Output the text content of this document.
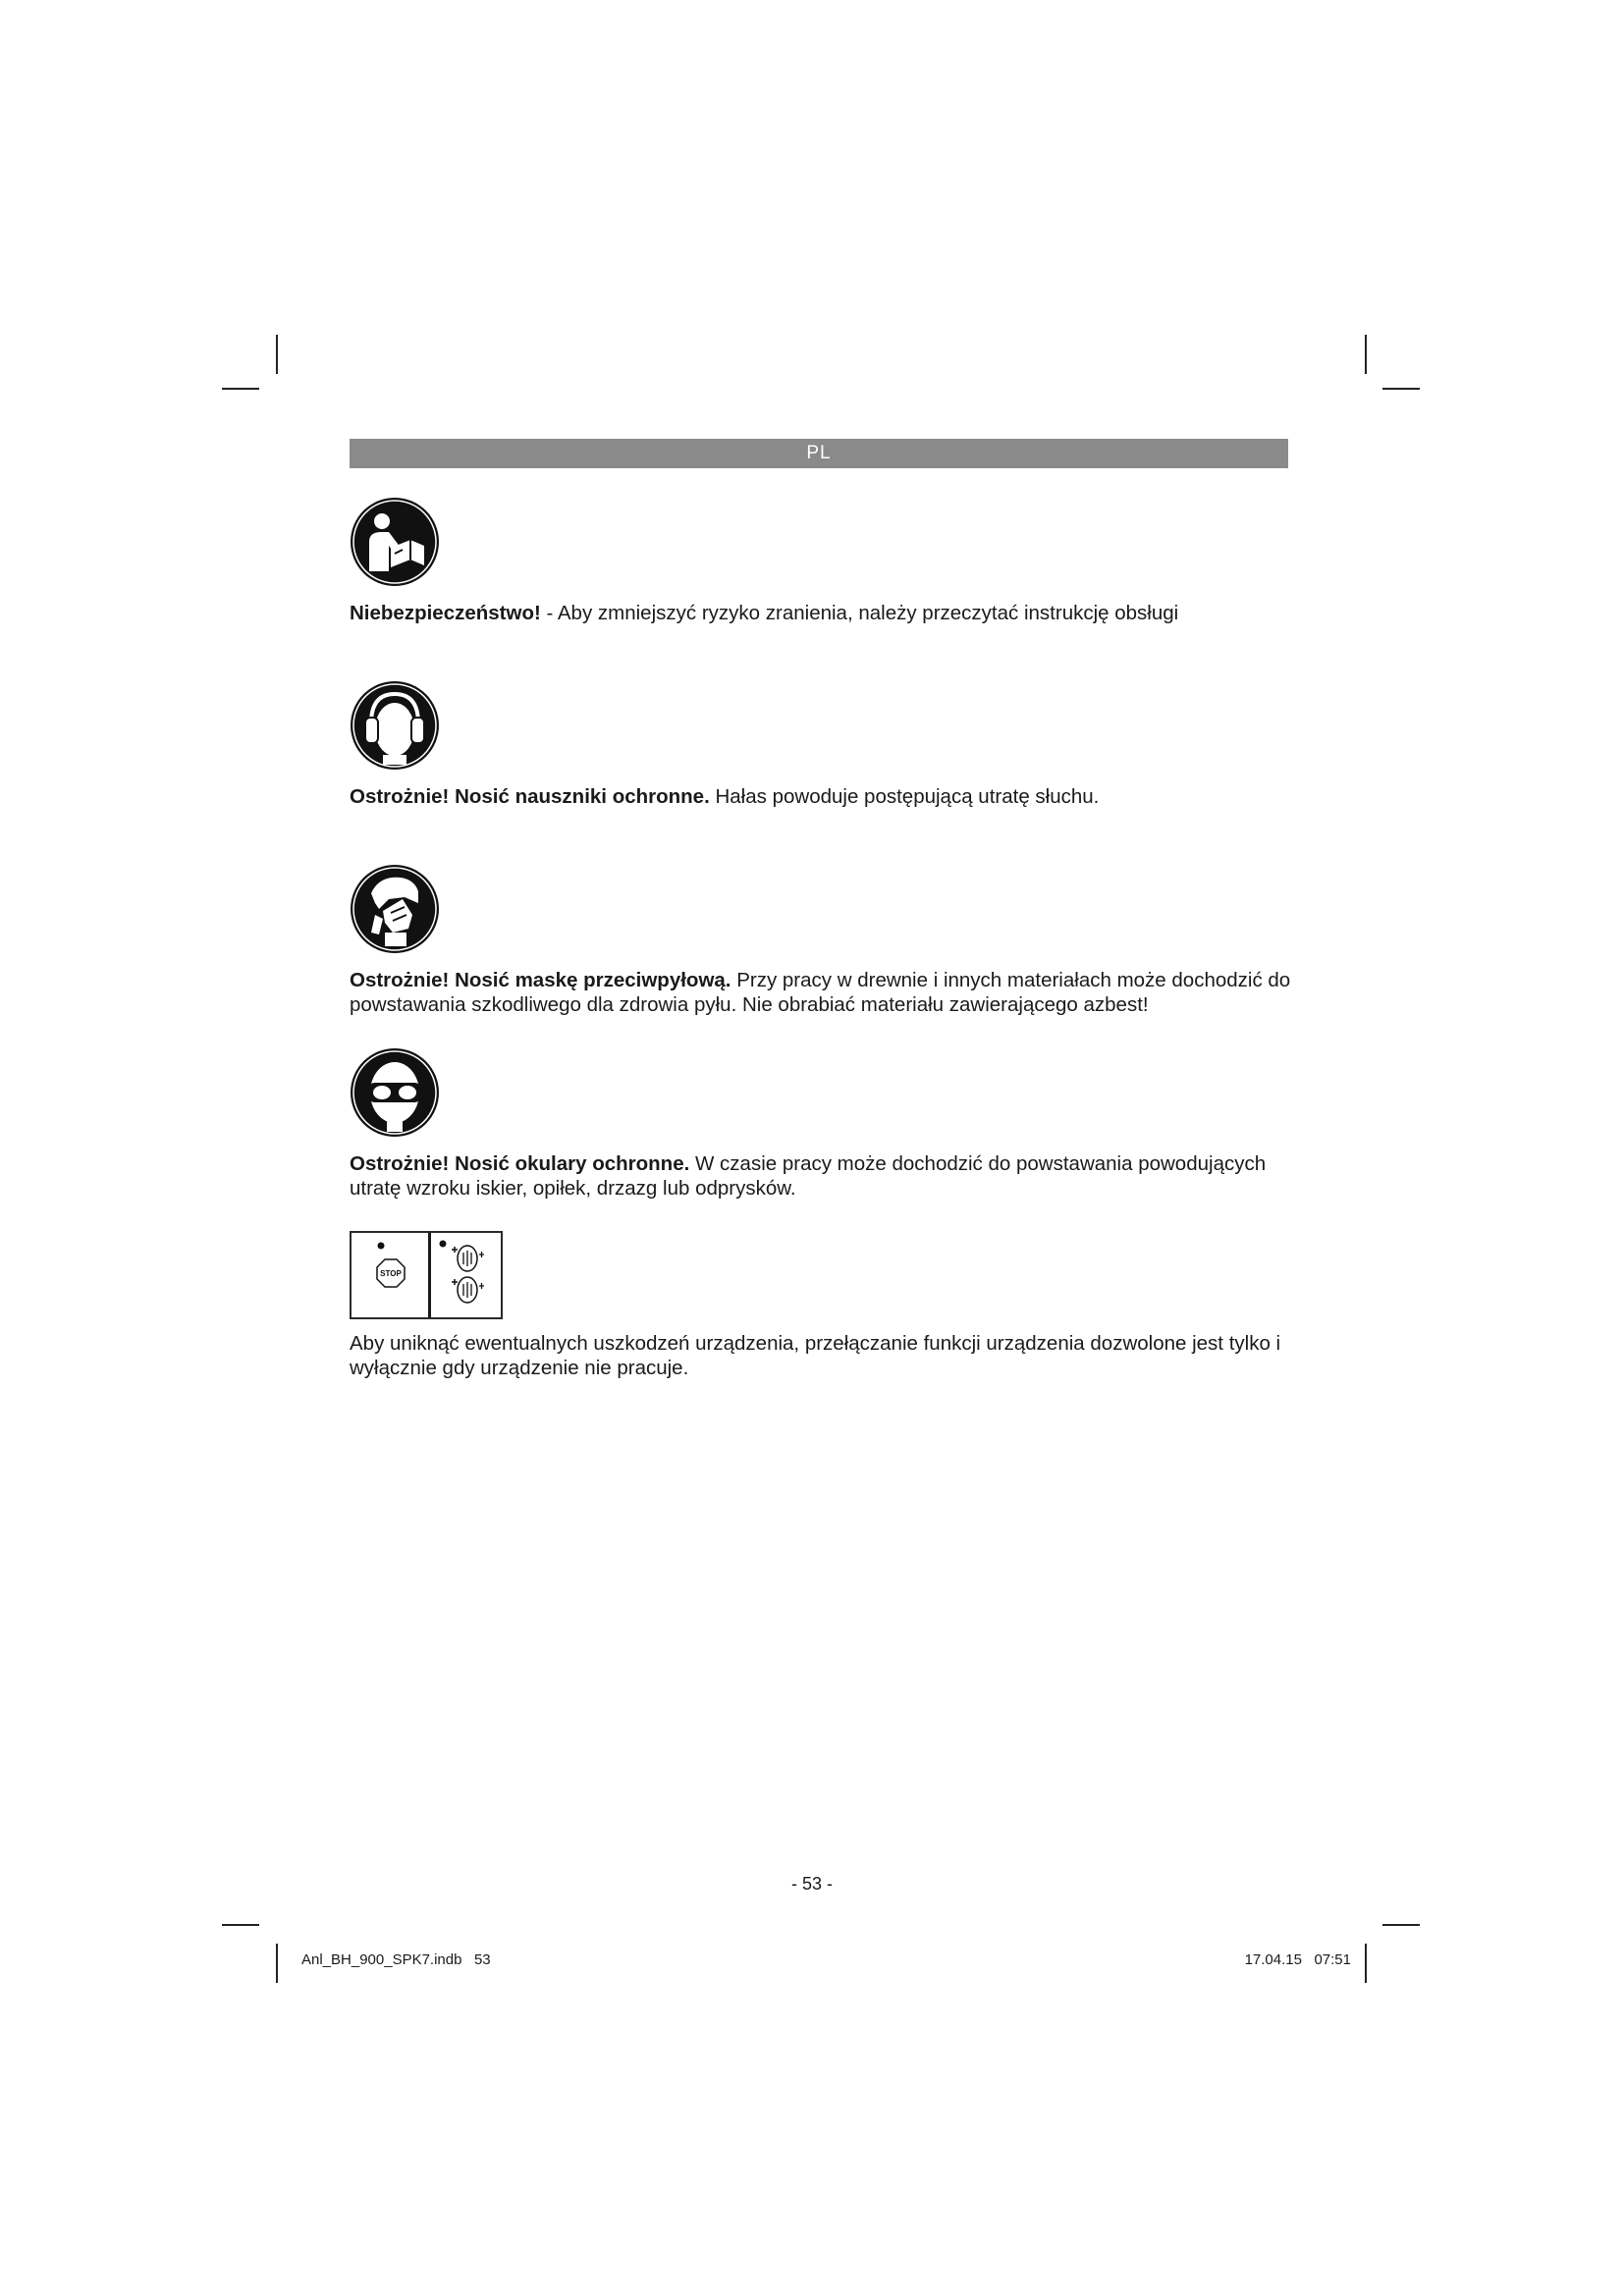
PL

Niebezpieczeństwo! - Aby zmniejszyć ryzyko zranienia, należy przeczytać instrukcję obsługi

Ostrożnie! Nosić nauszniki ochronne. Hałas powoduje postępującą utratę słuchu.

Ostrożnie! Nosić maskę przeciwpyłową. Przy pracy w drewnie i innych materiałach może dochodzić do powstawania szkodliwego dla zdrowia pyłu. Nie obrabiać materiału zawierającego azbest!

Ostrożnie! Nosić okulary ochronne. W czasie pracy może dochodzić do powstawania powodujących utratę wzroku iskier, opiłek, drzazg lub odprysków.

STOP

Aby uniknąć ewentualnych uszkodzeń urządzenia, przełączanie funkcji urządzenia dozwolone jest tylko i wyłącznie gdy urządzenie nie pracuje.

- 53 -
Anl_BH_900_SPK7.indb   53	17.04.15   07:51
